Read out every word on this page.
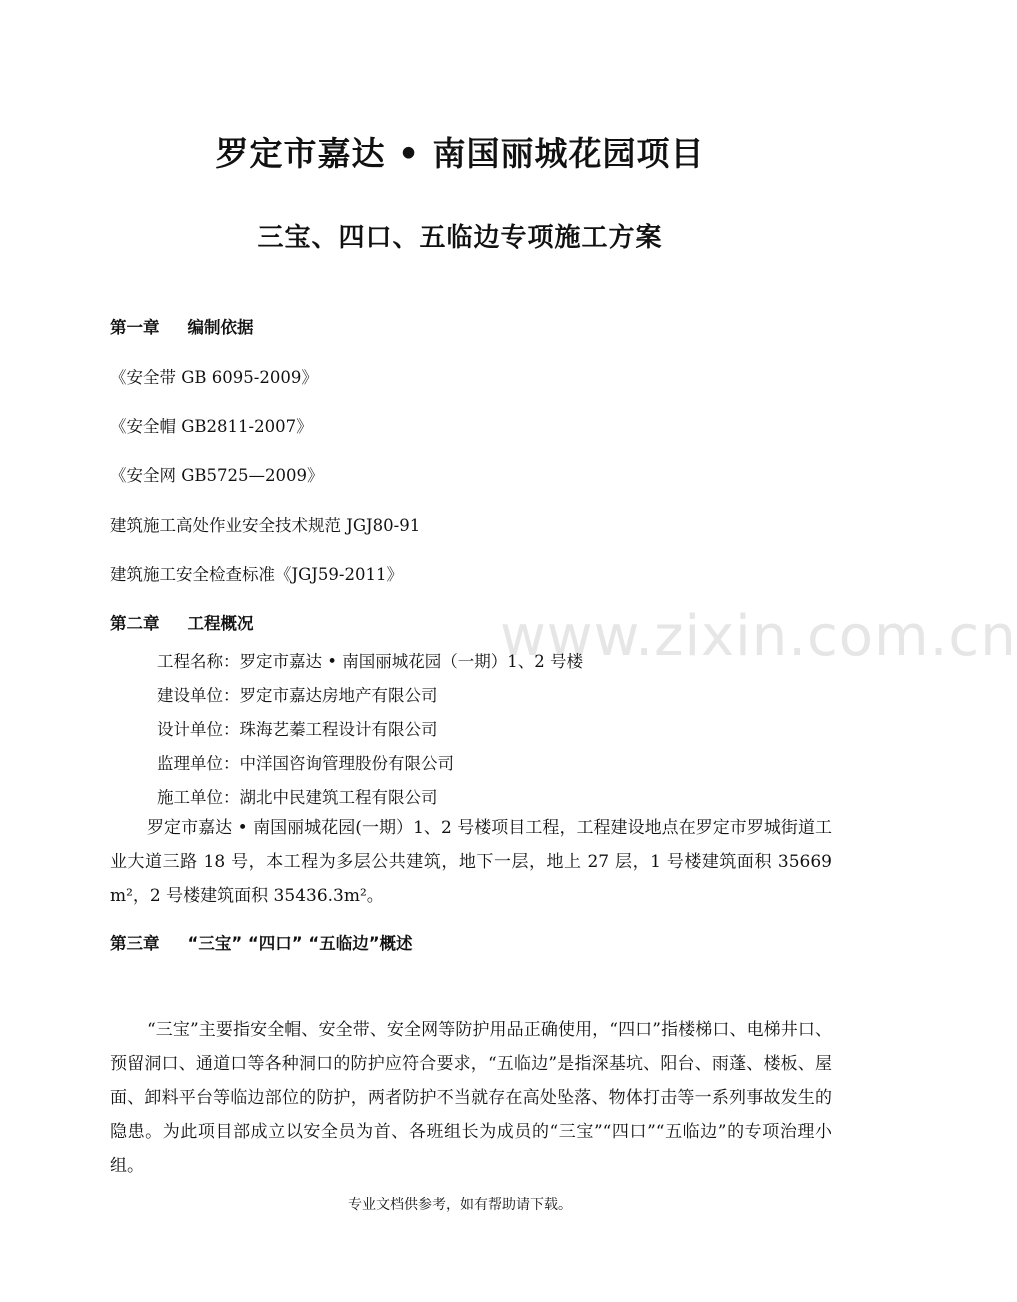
罗定市嘉达 • 南国丽城花园项目
三宝、四口、五临边专项施工方案
第一章 编制依据
《安全带 GB 6095-2009》
《安全帽 GB2811-2007》
《安全网 GB5725—2009》
建筑施工高处作业安全技术规范 JGJ80-91
建筑施工安全检查标准《JGJ59-2011》
www.zixin.com.cn
第二章 工程概况
工程名称：罗定市嘉达 • 南国丽城花园（一期）1、2 号楼
建设单位：罗定市嘉达房地产有限公司
设计单位：珠海艺蓁工程设计有限公司
监理单位：中洋国咨询管理股份有限公司
施工单位：湖北中民建筑工程有限公司
罗定市嘉达 • 南国丽城花园(一期）1、2 号楼项目工程，工程建设地点在罗定市罗城街道工业大道三路 18 号，本工程为多层公共建筑，地下一层，地上 27 层，1 号楼建筑面积 35669 m²，2 号楼建筑面积 35436.3m²。
第三章 “三宝” “四口” “五临边”概述
“三宝”主要指安全帽、安全带、安全网等防护用品正确使用，“四口”指楼梯口、电梯井口、预留洞口、通道口等各种洞口的防护应符合要求，“五临边”是指深基坑、阳台、雨蓬、楼板、屋面、卸料平台等临边部位的防护，两者防护不当就存在高处坠落、物体打击等一系列事故发生的隐患。为此项目部成立以安全员为首、各班组长为成员的“三宝”“四口”“五临边”的专项治理小组。
专业文档供参考，如有帮助请下载。
